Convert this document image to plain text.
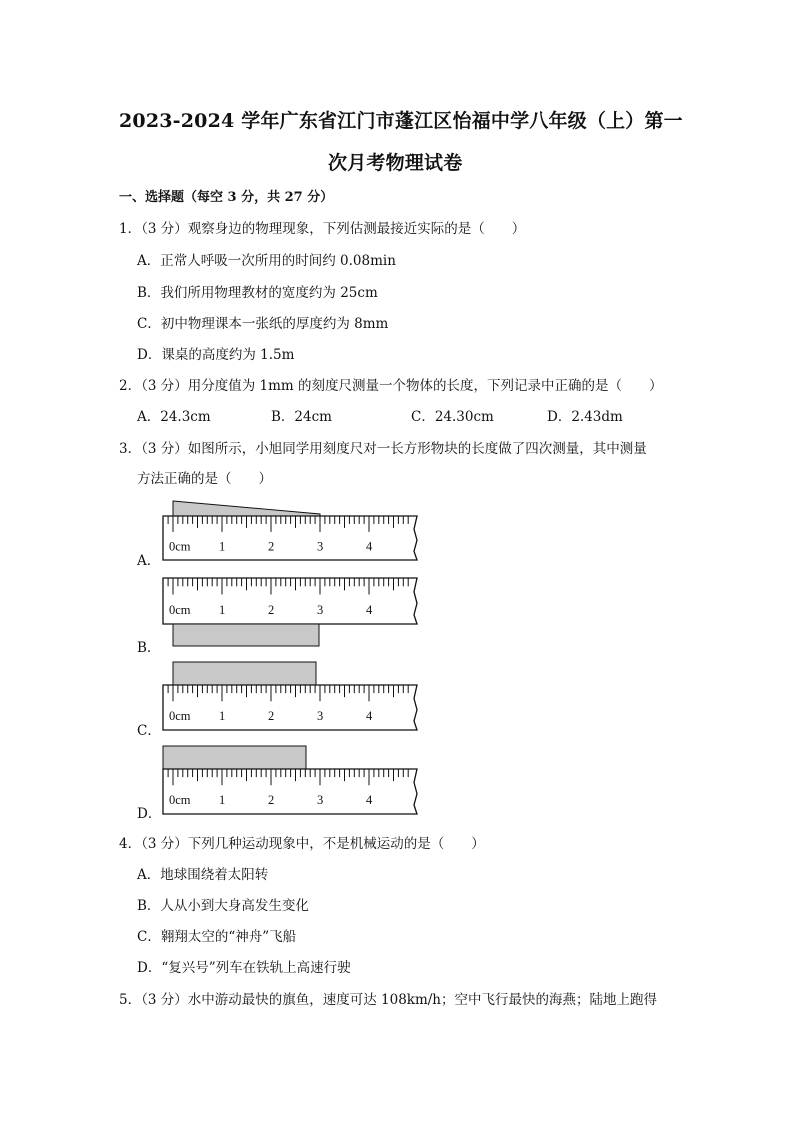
2023-2024 学年广东省江门市蓬江区怡福中学八年级（上）第一
次月考物理试卷
一、选择题（每空 3 分，共 27 分）
1．（3 分）观察身边的物理现象，下列估测最接近实际的是（　　）
A．正常人呼吸一次所用的时间约 0.08min
B．我们所用物理教材的宽度约为 25cm
C．初中物理课本一张纸的厚度约为 8mm
D．课桌的高度约为 1.5m
2．（3 分）用分度值为 1mm 的刻度尺测量一个物体的长度，下列记录中正确的是（　　）
A．24.3cm	B．24cm	C．24.30cm	D．2.43dm
3．（3 分）如图所示，小旭同学用刻度尺对一长方形物块的长度做了四次测量，其中测量
方法正确的是（　　）
A．
0cm 1	2	3	4
B．
0cm 1	2	3	4
C．
0cm 1	2	3	4
D．
0cm 1	2	3	4
4．（3 分）下列几种运动现象中，不是机械运动的是（　　）
A．地球围绕着太阳转
B．人从小到大身高发生变化
C．翱翔太空的“神舟”飞船
D．“复兴号”列车在铁轨上高速行驶
5．（3 分）水中游动最快的旗鱼，速度可达 108km/h；空中飞行最快的海燕；陆地上跑得
